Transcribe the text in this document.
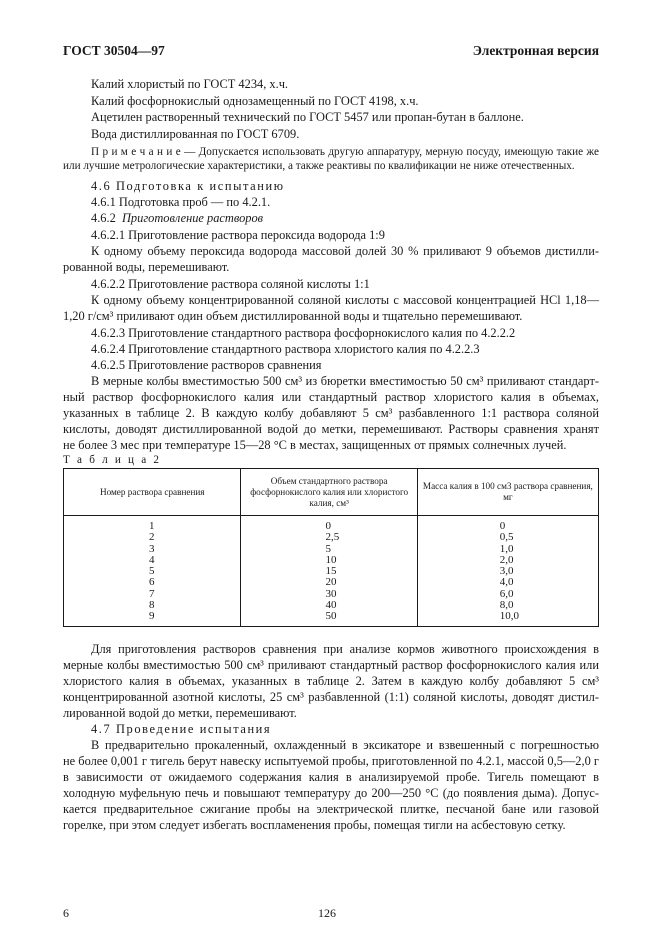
ГОСТ 30504—97	Электронная версия
Калий хлористый по ГОСТ 4234, х.ч.
Калий фосфорнокислый однозамещенный по ГОСТ 4198, х.ч.
Ацетилен растворенный технический по ГОСТ 5457 или пропан-бутан в баллоне.
Вода дистиллированная по ГОСТ 6709.
П р и м е ч а н и е — Допускается использовать другую аппаратуру, мерную посуду, имеющую такие же
или лучшие метрологические характеристики, а также реактивы по квалификации не ниже отечественных.
4.6 Подготовка к испытанию
4.6.1 Подготовка проб — по 4.2.1.
4.6.2 Приготовление растворов
4.6.2.1 Приготовление раствора пероксида водорода 1:9
К одному объему пероксида водорода массовой долей 30 % приливают 9 объемов дистилли-
рованной воды, перемешивают.
4.6.2.2 Приготовление раствора соляной кислоты 1:1
К одному объему концентрированной соляной кислоты с массовой концентрацией HCl 1,18—
1,20 г/см³ приливают один объем дистиллированной воды и тщательно перемешивают.
4.6.2.3 Приготовление стандартного раствора фосфорнокислого калия по 4.2.2.2
4.6.2.4 Приготовление стандартного раствора хлористого калия по 4.2.2.3
4.6.2.5 Приготовление растворов сравнения
В мерные колбы вместимостью 500 см³ из бюретки вместимостью 50 см³ приливают стандарт-
ный раствор фосфорнокислого калия или стандартный раствор хлористого калия в объемах,
указанных в таблице 2. В каждую колбу добавляют 5 см³ разбавленного 1:1 раствора соляной
кислоты, доводят дистиллированной водой до метки, перемешивают. Растворы сравнения хранят
не более 3 мес при температуре 15—28 °С в местах, защищенных от прямых солнечных лучей.
Т а б л и ц а 2
Номер раствора сравнения	Объем стандартного раствора фосфорнокислого калия или хлористого калия, см³	Масса калия в 100 см3 раствора сравнения, мг
1	0	0
2	2,5	0,5
3	5	1,0
4	10	2,0
5	15	3,0
6	20	4,0
7	30	6,0
8	40	8,0
9	50	10,0
Для приготовления растворов сравнения при анализе кормов животного происхождения в
мерные колбы вместимостью 500 см³ приливают стандартный раствор фосфорнокислого калия или
хлористого калия в объемах, указанных в таблице 2. Затем в каждую колбу добавляют 5 см³
концентрированной азотной кислоты, 25 см³ разбавленной (1:1) соляной кислоты, доводят дистил-
лированной водой до метки, перемешивают.
4.7 Проведение испытания
В предварительно прокаленный, охлажденный в эксикаторе и взвешенный с погрешностью
не более 0,001 г тигель берут навеску испытуемой пробы, приготовленной по 4.2.1, массой 0,5—2,0 г
в зависимости от ожидаемого содержания калия в анализируемой пробе. Тигель помещают в
холодную муфельную печь и повышают температуру до 200—250 °С (до появления дыма). Допус-
кается предварительное сжигание пробы на электрической плитке, песчаной бане или газовой
горелке, при этом следует избегать воспламенения пробы, помещая тигли на асбестовую сетку.
6	126
